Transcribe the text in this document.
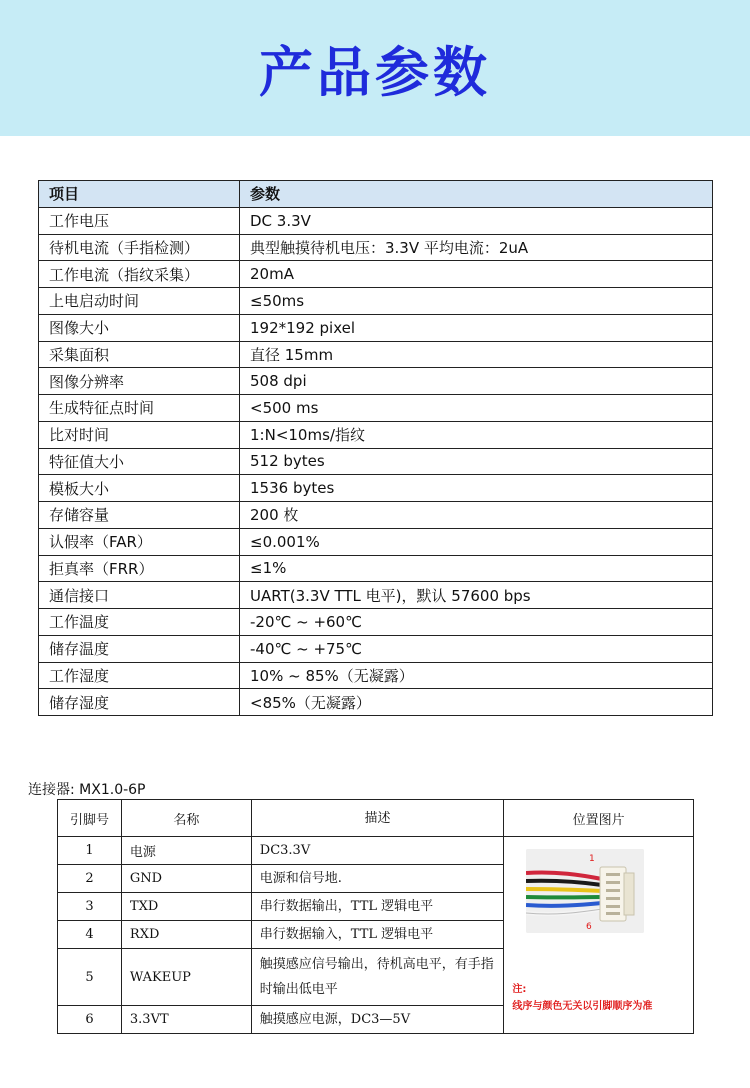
产品参数
项目	参数
工作电压	DC 3.3V
待机电流（手指检测）	典型触摸待机电压：3.3V 平均电流：2uA
工作电流（指纹采集）	20mA
上电启动时间	≤50ms
图像大小	192*192 pixel
采集面积	直径 15mm
图像分辨率	508 dpi
生成特征点时间	<500 ms
比对时间	1:N<10ms/指纹
特征值大小	512 bytes
模板大小	1536 bytes
存储容量	200 枚
认假率（FAR）	≤0.001%
拒真率（FRR）	≤1%
通信接口	UART(3.3V TTL 电平)，默认 57600 bps
工作温度	-20℃ ~ +60℃
储存温度	-40℃ ~ +75℃
工作湿度	10% ~ 85%（无凝露）
储存湿度	<85%（无凝露）
连接器: MX1.0-6P
引脚号	名称	描述	位置图片
1	电源	DC3.3V	1
6
注:
线序与颜色无关以引脚顺序为准

2	GND	电源和信号地.	
3	TXD	串行数据输出，TTL 逻辑电平	
4	RXD	串行数据输入，TTL 逻辑电平	
5	WAKEUP	触摸感应信号输出，待机高电平，有手指时输出低电平	
6	3.3VT	触摸感应电源，DC3—5V	
